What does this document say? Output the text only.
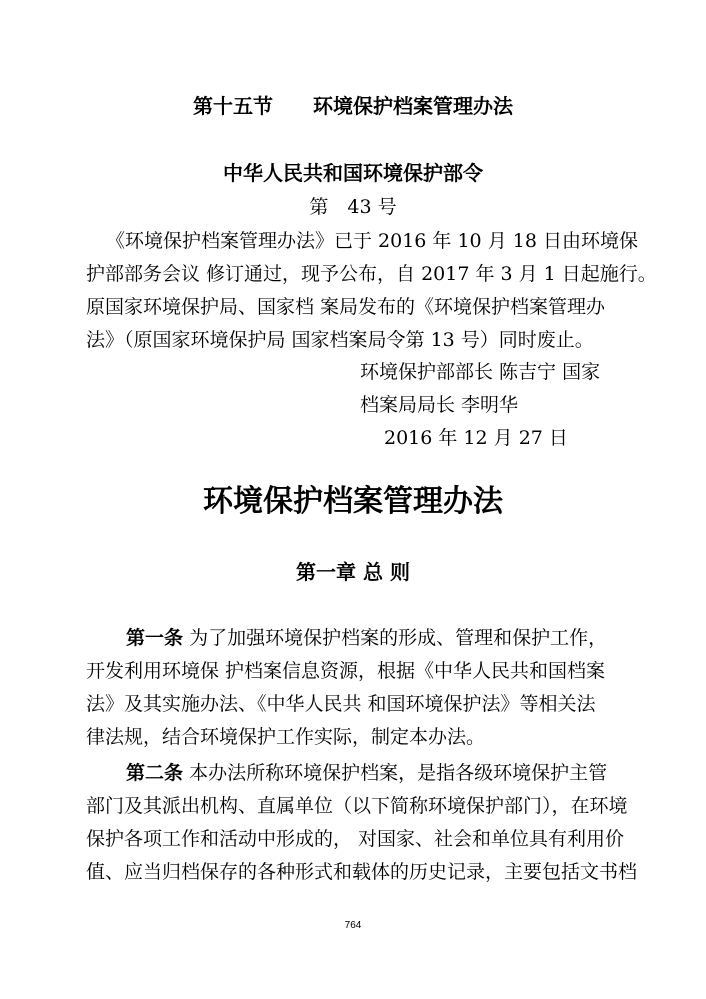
第十五节 环境保护档案管理办法
中华人民共和国环境保护部令
第　43 号
《环境保护档案管理办法》已于 2016 年 10 月 18 日由环境保
护部部务会议 修订通过，现予公布，自 2017 年 3 月 1 日起施行。
原国家环境保护局、国家档 案局发布的《环境保护档案管理办
法》（原国家环境保护局 国家档案局令第 13 号）同时废止。
环境保护部部长 陈吉宁 国家
档案局局长 李明华
2016 年 12 月 27 日
环境保护档案管理办法
第一章 总 则
第一条 为了加强环境保护档案的形成、管理和保护工作，
开发利用环境保 护档案信息资源，根据《中华人民共和国档案
法》及其实施办法、《中华人民共 和国环境保护法》等相关法
律法规，结合环境保护工作实际，制定本办法。
第二条 本办法所称环境保护档案，是指各级环境保护主管
部门及其派出机构、直属单位（以下简称环境保护部门），在环境
保护各项工作和活动中形成的， 对国家、社会和单位具有利用价
值、应当归档保存的各种形式和载体的历史记录，主要包括文书档
764
